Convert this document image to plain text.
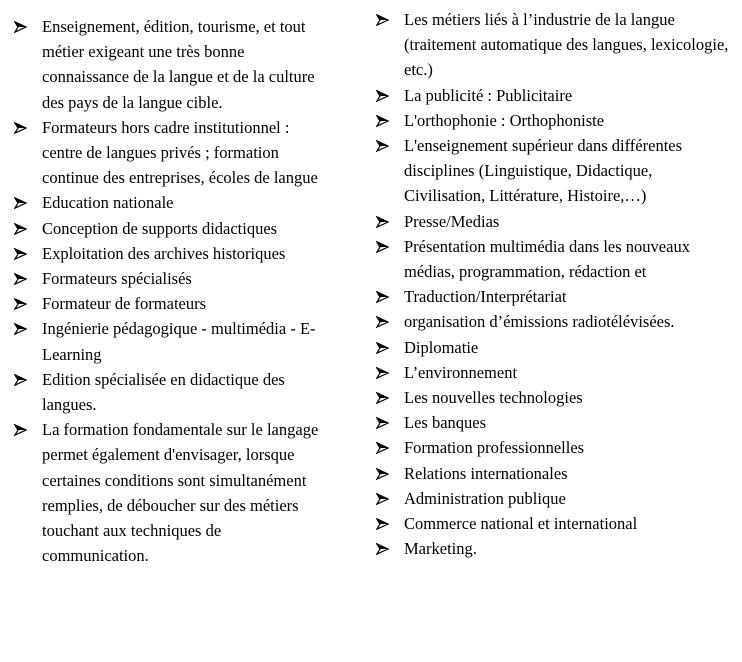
Enseignement, édition, tourisme, et tout métier exigeant une très bonne connaissance de la langue et de la culture des pays de la langue cible.
Formateurs hors cadre institutionnel : centre de langues privés ; formation continue des entreprises, écoles de langue
Education nationale
Conception de supports didactiques
Exploitation des archives historiques
Formateurs spécialisés
Formateur de formateurs
Ingénierie pédagogique - multimédia - E-Learning
Edition spécialisée en didactique des langues.
La formation fondamentale sur le langage permet également d'envisager, lorsque certaines conditions sont simultanément remplies, de déboucher sur des métiers touchant aux techniques de communication.
Les métiers liés à l’industrie de la langue (traitement automatique des langues, lexicologie, etc.)
La publicité : Publicitaire
L'orthophonie : Orthophoniste
L'enseignement supérieur dans différentes disciplines (Linguistique, Didactique, Civilisation, Littérature, Histoire,…)
Presse/Medias
Présentation multimédia dans les nouveaux médias, programmation, rédaction et
Traduction/Interprétariat
organisation d’émissions radiotélévisées.
Diplomatie
L’environnement
Les nouvelles technologies
Les banques
Formation professionnelles
Relations internationales
Administration publique
Commerce national et international
Marketing.
